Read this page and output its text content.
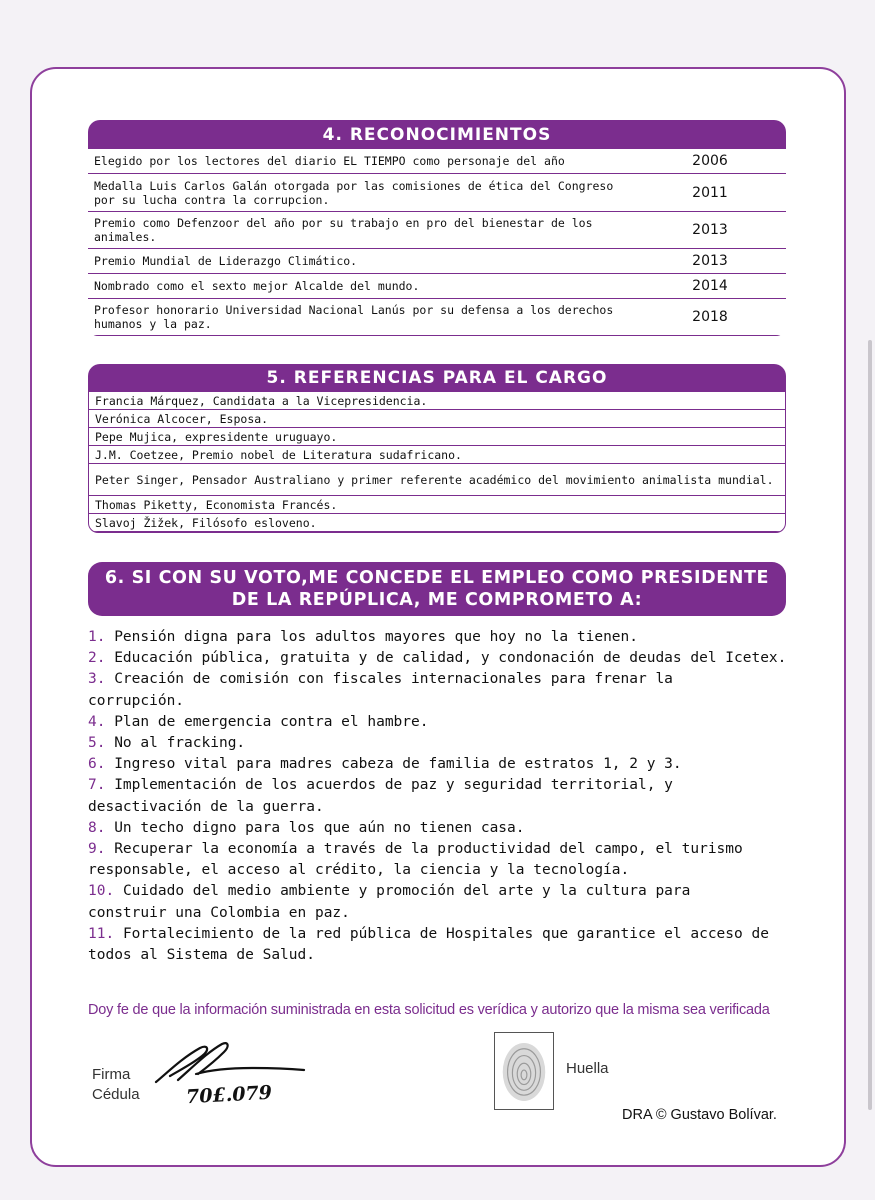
4. RECONOCIMIENTOS
Elegido por los lectores del diario EL TIEMPO como personaje del año	2006
Medalla Luis Carlos Galán otorgada por las comisiones de ética del Congreso por su lucha contra la corrupcion.	2011
Premio como Defenzoor del año por su trabajo en pro del bienestar de los animales.	2013
Premio Mundial de Liderazgo Climático.	2013
Nombrado como el sexto mejor Alcalde del mundo.	2014
Profesor honorario Universidad Nacional Lanús por su defensa a los derechos humanos y la paz.	2018
5. REFERENCIAS PARA EL CARGO
Francia Márquez, Candidata a la Vicepresidencia.
Verónica Alcocer, Esposa.
Pepe Mujica, expresidente uruguayo.
J.M. Coetzee, Premio nobel de Literatura sudafricano.
Peter Singer, Pensador Australiano y primer referente académico del movimiento animalista mundial.
Thomas Piketty, Economista Francés.
Slavoj Žižek, Filósofo esloveno.
6. SI CON SU VOTO,ME CONCEDE EL EMPLEO COMO PRESIDENTE
DE LA REPÚPLICA, ME COMPROMETO A:
1. Pensión digna para los adultos mayores que hoy no la tienen.
2. Educación pública, gratuita y de calidad, y condonación de deudas del Icetex.
3. Creación de comisión con fiscales internacionales para frenar la corrupción.
4. Plan de emergencia contra el hambre.
5. No al fracking.
6. Ingreso vital para madres cabeza de familia de estratos 1, 2 y 3.
7. Implementación de los acuerdos de paz y seguridad territorial, y desactivación de la guerra.
8. Un techo digno para los que aún no tienen casa.
9. Recuperar la economía a través de la productividad del campo, el turismo responsable, el acceso al crédito, la ciencia y la tecnología.
10. Cuidado del medio ambiente y promoción del arte y la cultura para construir una Colombia en paz.
11. Fortalecimiento de la red pública de Hospitales que garantice el acceso de todos al Sistema de Salud.
Doy fe de que la información suministrada en esta solicitud es verídica y autorizo que la misma sea verificada
Firma
Cédula 70£.079
Huella
DRA © Gustavo Bolívar.
